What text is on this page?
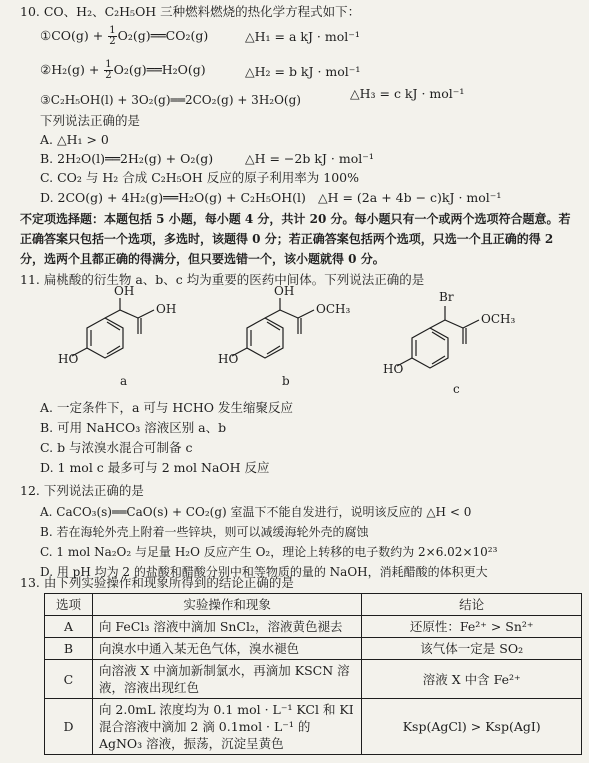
10. CO、H₂、C₂H₅OH 三种燃料燃烧的热化学方程式如下：
①CO(g) + $\frac{1}{2}$ O₂(g)══CO₂(g)	△H₁ = a kJ · mol⁻¹
②H₂(g) + $\frac{1}{2}$ O₂(g)══H₂O(g)	△H₂ = b kJ · mol⁻¹
③C₂H₅OH(l) + 3O₂(g)══2CO₂(g) + 3H₂O(g)	△H₃ = c kJ · mol⁻¹
下列说法正确的是
A. △H₁ > 0
B. 2H₂O(l)══2H₂(g) + O₂(g)	△H = −2b kJ · mol⁻¹
C. CO₂ 与 H₂ 合成 C₂H₅OH 反应的原子利用率为 100%
D. 2CO(g) + 4H₂(g)══H₂O(g) + C₂H₅OH(l) △H = (2a + 4b − c)kJ · mol⁻¹
不定项选择题：本题包括 5 小题，每小题 4 分，共计 20 分。每小题只有一个或两个选项符合题意。若
正确答案只包括一个选项，多选时，该题得 0 分；若正确答案包括两个选项，只选一个且正确的得 2
分，选两个且都正确的得满分，但只要选错一个，该小题就得 0 分。
11. 扁桃酸的衍生物 a、b、c 均为重要的医药中间体。下列说法正确的是
OH
OH
HO
a
OH
OCH₃
HO
b
Br
OCH₃
HO
c
A. 一定条件下，a 可与 HCHO 发生缩聚反应
B. 可用 NaHCO₃ 溶液区别 a、b
C. b 与浓溴水混合可制备 c
D. 1 mol c 最多可与 2 mol NaOH 反应
12. 下列说法正确的是
A. CaCO₃(s)══CaO(s) + CO₂(g) 室温下不能自发进行，说明该反应的 △H < 0
B. 若在海轮外壳上附着一些锌块，则可以减缓海轮外壳的腐蚀
C. 1 mol Na₂O₂ 与足量 H₂O 反应产生 O₂，理论上转移的电子数约为 2×6.02×10²³
D. 用 pH 均为 2 的盐酸和醋酸分别中和等物质的量的 NaOH，消耗醋酸的体积更大
13. 由下列实验操作和现象所得到的结论正确的是
选项	实验操作和现象	结论
A	向 FeCl₃ 溶液中滴加 SnCl₂，溶液黄色褪去	还原性：Fe²⁺ > Sn²⁺
B	向溴水中通入某无色气体，溴水褪色	该气体一定是 SO₂
C	向溶液 X 中滴加新制氯水，再滴加 KSCN 溶液，溶液出现红色	溶液 X 中含 Fe²⁺
D	向 2.0mL 浓度均为 0.1 mol · L⁻¹ KCl 和 KI 混合溶液中滴加 2 滴 0.1mol · L⁻¹ 的 AgNO₃ 溶液，振荡，沉淀呈黄色	Ksp(AgCl) > Ksp(AgI)
